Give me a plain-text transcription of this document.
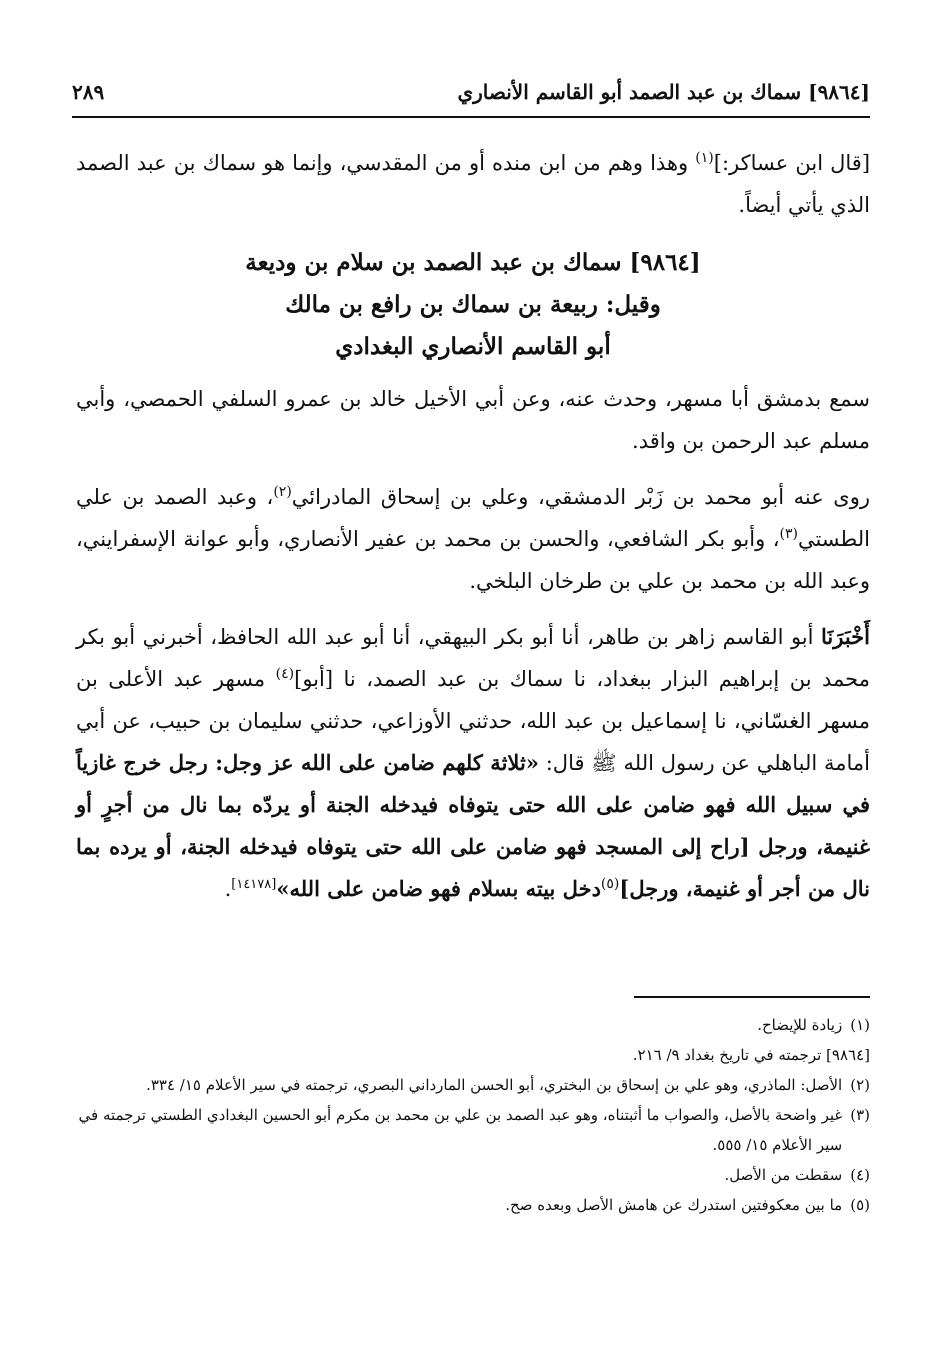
[٩٨٦٤] سماك بن عبد الصمد أبو القاسم الأنصاري
٢٨٩

[قال ابن عساكر:]$^{(١)}$ وهذا وهم من ابن منده أو من المقدسي، وإنما هو سماك بن عبد الصمد الذي يأتي أيضاً.

[٩٨٦٤] سماك بن عبد الصمد بن سلام بن وديعة
وقيل: ربيعة بن سماك بن رافع بن مالك
أبو القاسم الأنصاري البغدادي

سمع بدمشق أبا مسهر، وحدث عنه، وعن أبي الأخيل خالد بن عمرو السلفي الحمصي، وأبي مسلم عبد الرحمن بن واقد.

روى عنه أبو محمد بن زَبْر الدمشقي، وعلي بن إسحاق المادرائي$^{(٢)}$، وعبد الصمد بن علي الطستي$^{(٣)}$، وأبو بكر الشافعي، والحسن بن محمد بن عفير الأنصاري، وأبو عوانة الإسفرايني، وعبد الله بن محمد بن علي بن طرخان البلخي.

أَخْبَرَنَا أبو القاسم زاهر بن طاهر، أنا أبو بكر البيهقي، أنا أبو عبد الله الحافظ، أخبرني أبو بكر محمد بن إبراهيم البزار ببغداد، نا سماك بن عبد الصمد، نا [أبو]$^{(٤)}$ مسهر عبد الأعلى بن مسهر الغسّاني، نا إسماعيل بن عبد الله، حدثني الأوزاعي، حدثني سليمان بن حبيب، عن أبي أمامة الباهلي عن رسول الله ﷺ قال: «ثلاثة كلهم ضامن على الله عز وجل: رجل خرج غازياً في سبيل الله فهو ضامن على الله حتى يتوفاه فيدخله الجنة أو يردّه بما نال من أجرٍ أو غنيمة، ورجل [راح إلى المسجد فهو ضامن على الله حتى يتوفاه فيدخله الجنة، أو يرده بما نال من أجر أو غنيمة، ورجل]$^{(٥)}$دخل بيته بسلام فهو ضامن على الله»[١٤١٧٨].

(١)
زيادة للإيضاح.
[٩٨٦٤] ترجمته في تاريخ بغداد ٩/ ٢١٦.
(٢)
الأصل: الماذري، وهو علي بن إسحاق بن البختري، أبو الحسن المارداني البصري، ترجمته في سير الأعلام ١٥/ ٣٣٤.
(٣)
غير واضحة بالأصل، والصواب ما أثبتناه، وهو عبد الصمد بن علي بن محمد بن مكرم أبو الحسين البغدادي الطستي ترجمته في سير الأعلام ١٥/ ٥٥٥.
(٤)
سقطت من الأصل.
(٥)
ما بين معكوفتين استدرك عن هامش الأصل وبعده صح.
